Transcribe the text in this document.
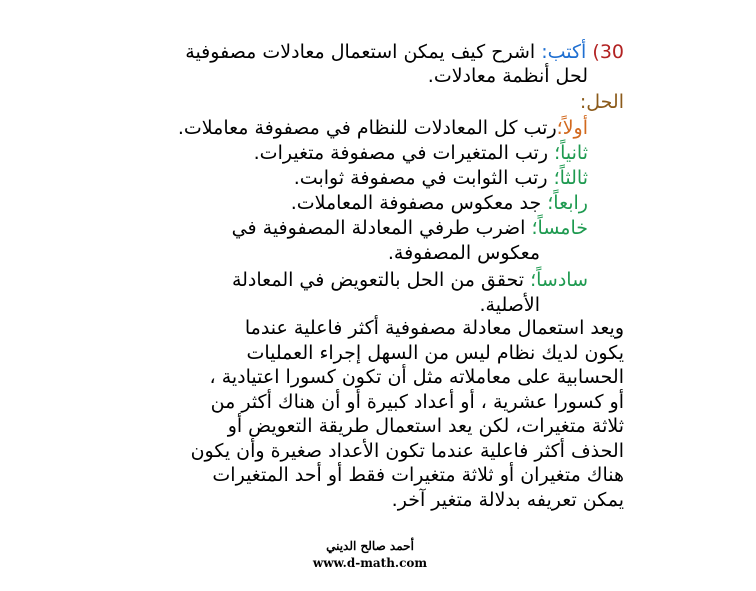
30) أكتب: اشرح كيف يمكن استعمال معادلات مصفوفية
لحل أنظمة معادلات.
الحل:
أولاً؛رتب كل المعادلات للنظام في مصفوفة معاملات.
ثانياً؛ رتب المتغيرات في مصفوفة متغيرات.
ثالثاً؛ رتب الثوابت في مصفوفة ثوابت.
رابعاً؛ جد معكوس مصفوفة المعاملات.
خامساً؛ اضرب طرفي المعادلة المصفوفية في
معكوس المصفوفة.
سادساً؛ تحقق من الحل بالتعويض في المعادلة
الأصلية.
ويعد استعمال معادلة مصفوفية أكثر فاعلية عندما
يكون لديك نظام ليس من السهل إجراء العمليات
الحسابية على معاملاته مثل أن تكون كسورا اعتيادية ،
أو كسورا عشرية ، أو أعداد كبيرة أو أن هناك أكثر من
ثلاثة متغيرات، لكن يعد استعمال طريقة التعويض أو
الحذف أكثر فاعلية عندما تكون الأعداد صغيرة وأن يكون
هناك متغيران أو ثلاثة متغيرات فقط أو أحد المتغيرات
يمكن تعريفه بدلالة متغير آخر.
أحمد صالح الديني
www.d-math.com
